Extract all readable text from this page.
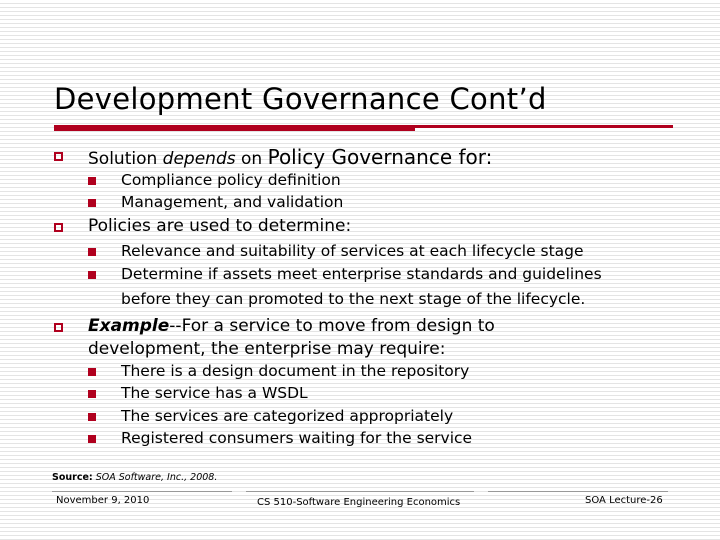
Development Governance Cont’d
Solution depends on Policy Governance for:
Compliance policy definition
Management, and validation
Policies are used to determine:
Relevance and suitability of services at each lifecycle stage
Determine if assets meet enterprise standards and guidelines
before they can promoted to the next stage of the lifecycle.
Example--For a service to move from design to
development, the enterprise may require:
There is a design document in the repository
The service has a WSDL
The services are categorized appropriately
Registered consumers waiting for the service
Source: SOA Software, Inc., 2008.
November 9, 2010	CS 510-Software Engineering Economics	SOA Lecture-26
